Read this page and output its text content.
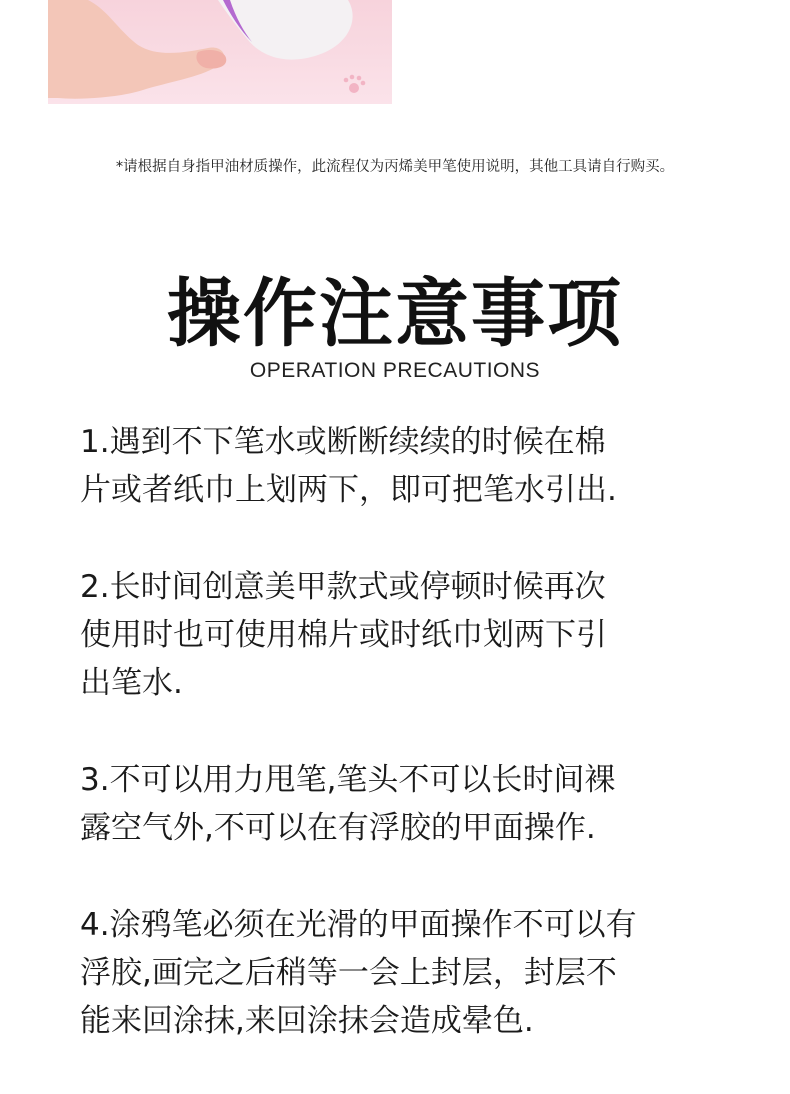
*请根据自身指甲油材质操作，此流程仅为丙烯美甲笔使用说明，其他工具请自行购买。
操作注意事项
OPERATION PRECAUTIONS
1.遇到不下笔水或断断续续的时候在棉
片或者纸巾上划两下，即可把笔水引出.
2.长时间创意美甲款式或停顿时候再次
使用时也可使用棉片或时纸巾划两下引
出笔水.
3.不可以用力甩笔,笔头不可以长时间裸
露空气外,不可以在有浮胶的甲面操作.
4.涂鸦笔必须在光滑的甲面操作不可以有
浮胶,画完之后稍等一会上封层，封层不
能来回涂抹,来回涂抹会造成晕色.
